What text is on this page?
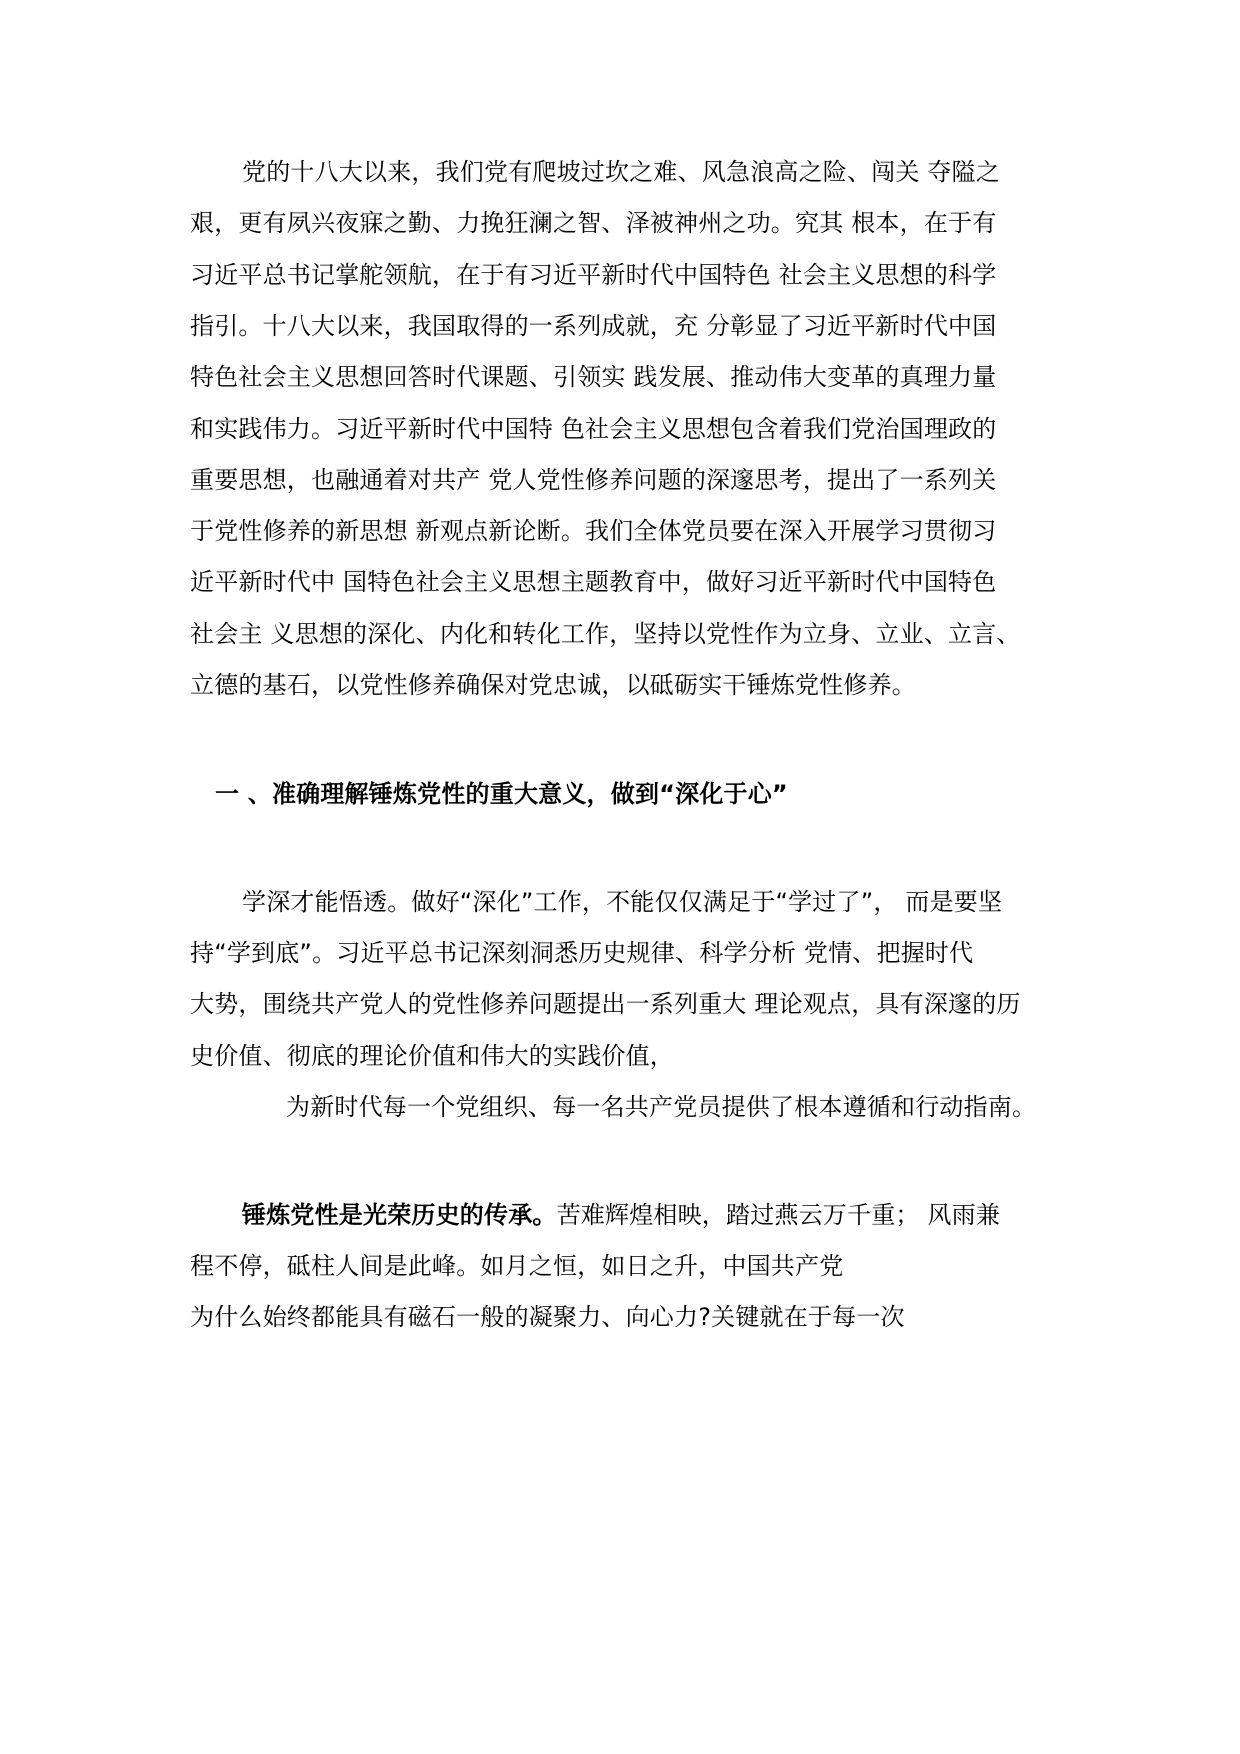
党的十八大以来，我们党有爬坡过坎之难、风急浪高之险、闯关 夺隘之
艰，更有夙兴夜寐之勤、力挽狂澜之智、泽被神州之功。究其 根本，在于有
习近平总书记掌舵领航，在于有习近平新时代中国特色 社会主义思想的科学
指引。十八大以来，我国取得的一系列成就，充 分彰显了习近平新时代中国
特色社会主义思想回答时代课题、引领实 践发展、推动伟大变革的真理力量
和实践伟力。习近平新时代中国特 色社会主义思想包含着我们党治国理政的
重要思想，也融通着对共产 党人党性修养问题的深邃思考，提出了一系列关
于党性修养的新思想 新观点新论断。我们全体党员要在深入开展学习贯彻习
近平新时代中 国特色社会主义思想主题教育中，做好习近平新时代中国特色
社会主 义思想的深化、内化和转化工作，坚持以党性作为立身、立业、立言、
立德的基石，以党性修养确保对党忠诚，以砥砺实干锤炼党性修养。
一 、准确理解锤炼党性的重大意义，做到“深化于心”
学深才能悟透。做好“深化”工作，不能仅仅满足于“学过了”， 而是要坚
持“学到底”。习近平总书记深刻洞悉历史规律、科学分析 党情、把握时代
大势，围绕共产党人的党性修养问题提出一系列重大 理论观点，具有深邃的历
史价值、彻底的理论价值和伟大的实践价值，
为新时代每一个党组织、每一名共产党员提供了根本遵循和行动指南。
锤炼党性是光荣历史的传承。苦难辉煌相映，踏过燕云万千重； 风雨兼
程不停，砥柱人间是此峰。如月之恒，如日之升，中国共产党
为什么始终都能具有磁石一般的凝聚力、向心力?关键就在于每一次
